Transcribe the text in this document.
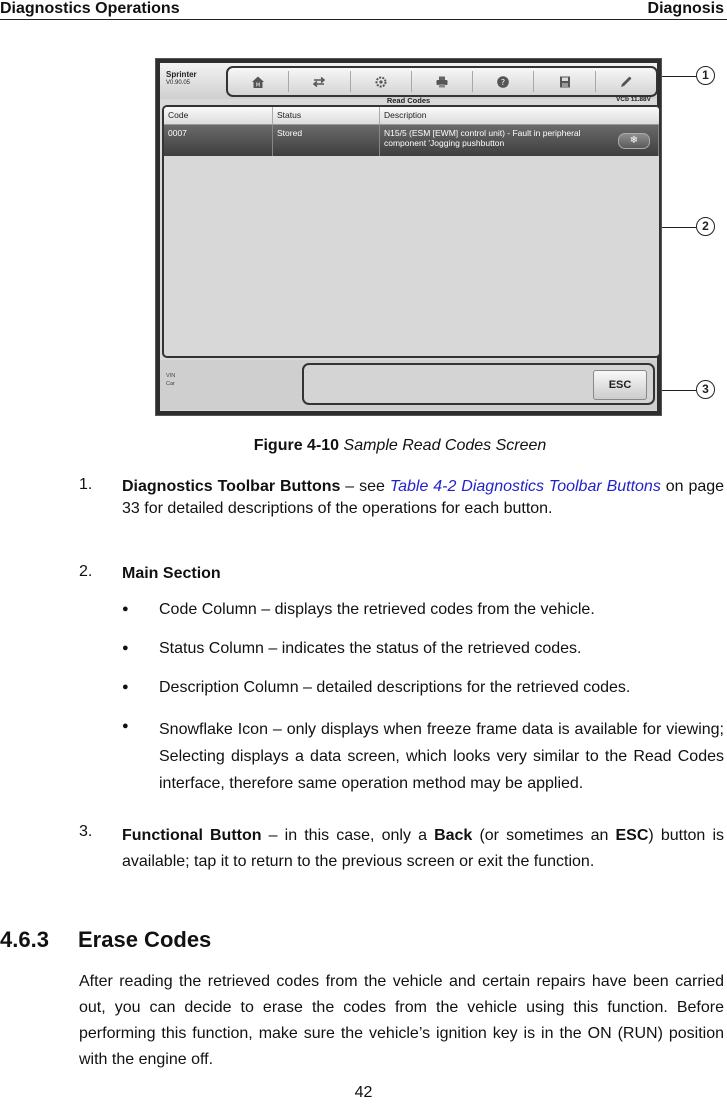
Diagnostics Operations	Diagnosis
Sprinter
V0.90.05	M	?
Read Codes	VCb 11.88V
Code	Status	Description
0007	Stored	N15/5 (ESM [EWM] control unit) - Fault in peripheral component 'Jogging pushbutton	❄
VIN
Car	ESC
1
2
3
Figure 4-10 Sample Read Codes Screen
1. Diagnostics Toolbar Buttons – see Table 4-2 Diagnostics Toolbar Buttons on page 33 for detailed descriptions of the operations for each button.
2. Main Section
● Code Column – displays the retrieved codes from the vehicle.
● Status Column – indicates the status of the retrieved codes.
● Description Column – detailed descriptions for the retrieved codes.
● Snowflake Icon – only displays when freeze frame data is available for viewing; Selecting displays a data screen, which looks very similar to the Read Codes interface, therefore same operation method may be applied.
3. Functional Button – in this case, only a Back (or sometimes an ESC) button is available; tap it to return to the previous screen or exit the function.
4.6.3 Erase Codes
After reading the retrieved codes from the vehicle and certain repairs have been carried out, you can decide to erase the codes from the vehicle using this function. Before performing this function, make sure the vehicle’s ignition key is in the ON (RUN) position with the engine off.
42
